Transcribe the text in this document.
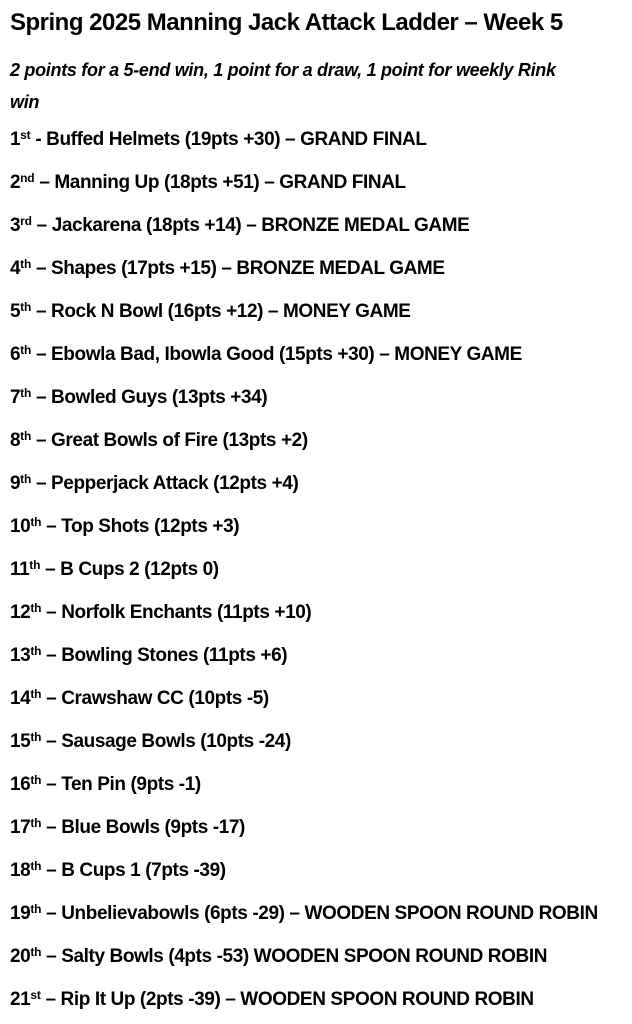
Spring 2025 Manning Jack Attack Ladder – Week 5
2 points for a 5-end win, 1 point for a draw, 1 point for weekly Rink
win

1st - Buffed Helmets (19pts +30) – GRAND FINAL

2nd – Manning Up (18pts +51) – GRAND FINAL

3rd – Jackarena (18pts +14) – BRONZE MEDAL GAME

4th – Shapes (17pts +15) – BRONZE MEDAL GAME

5th – Rock N Bowl (16pts +12) – MONEY GAME

6th – Ebowla Bad, Ibowla Good (15pts +30) – MONEY GAME

7th – Bowled Guys (13pts +34)

8th – Great Bowls of Fire (13pts +2)

9th – Pepperjack Attack (12pts +4)

10th – Top Shots (12pts +3)

11th – B Cups 2 (12pts 0)

12th – Norfolk Enchants (11pts +10)

13th – Bowling Stones (11pts +6)

14th – Crawshaw CC (10pts -5)

15th – Sausage Bowls (10pts -24)

16th – Ten Pin (9pts -1)

17th – Blue Bowls (9pts -17)

18th – B Cups 1 (7pts -39)

19th – Unbelievabowls (6pts -29) – WOODEN SPOON ROUND ROBIN

20th – Salty Bowls (4pts -53) WOODEN SPOON ROUND ROBIN

21st – Rip It Up (2pts -39) – WOODEN SPOON ROUND ROBIN
